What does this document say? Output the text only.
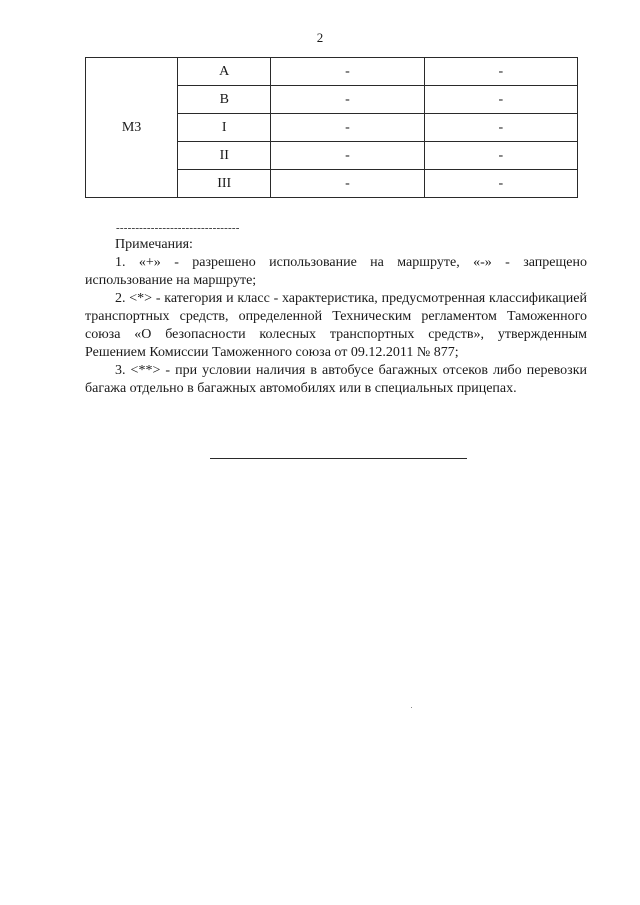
2
M3	A	-	-
	B	-	-
	I	-	-
	II	-	-
	III	-	-
--------------------------------

Примечания:

1. «+» - разрешено использование на маршруте, «-» - запрещено использование на маршруте;

2. <*> - категория и класс - характеристика, предусмотренная классификацией транспортных средств, определенной Техническим регламентом Таможенного союза «О безопасности колесных транспортных средств», утвержденным Решением Комиссии Таможенного союза от 09.12.2011 № 877;

3. <**> - при условии наличия в автобусе багажных отсеков либо перевозки багажа отдельно в багажных автомобилях или в специальных прицепах.
